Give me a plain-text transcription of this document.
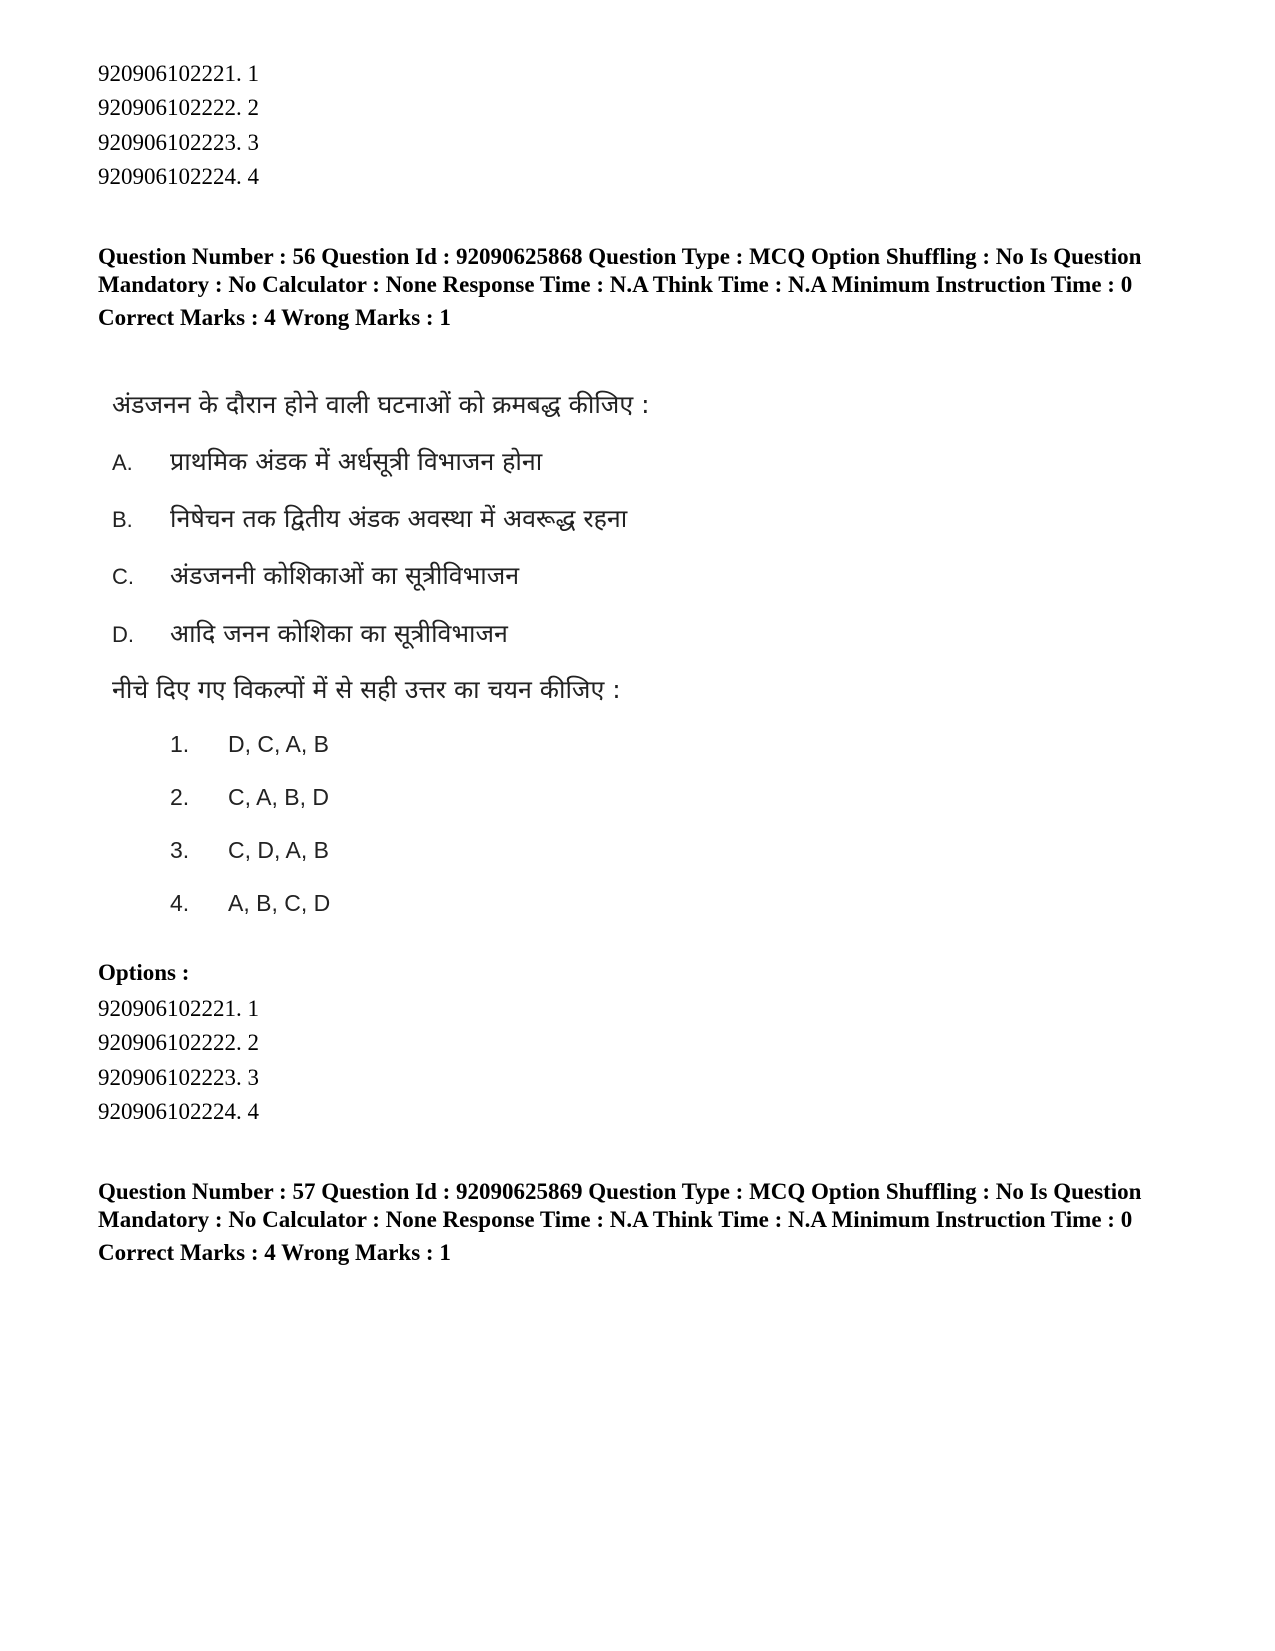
920906102221. 1
920906102222. 2
920906102223. 3
920906102224. 4
Question Number : 56 Question Id : 92090625868 Question Type : MCQ Option Shuffling : No Is Question Mandatory : No Calculator : None Response Time : N.A Think Time : N.A Minimum Instruction Time : 0
Correct Marks : 4 Wrong Marks : 1
अंडजनन के दौरान होने वाली घटनाओं को क्रमबद्ध कीजिए :
A. प्राथमिक अंडक में अर्धसूत्री विभाजन होना
B. निषेचन तक द्वितीय अंडक अवस्था में अवरूद्ध रहना
C. अंडजननी कोशिकाओं का सूत्रीविभाजन
D. आदि जनन कोशिका का सूत्रीविभाजन
नीचे दिए गए विकल्पों में से सही उत्तर का चयन कीजिए :
1. D, C, A, B
2. C, A, B, D
3. C, D, A, B
4. A, B, C, D
Options :
920906102221. 1
920906102222. 2
920906102223. 3
920906102224. 4
Question Number : 57 Question Id : 92090625869 Question Type : MCQ Option Shuffling : No Is Question Mandatory : No Calculator : None Response Time : N.A Think Time : N.A Minimum Instruction Time : 0
Correct Marks : 4 Wrong Marks : 1
